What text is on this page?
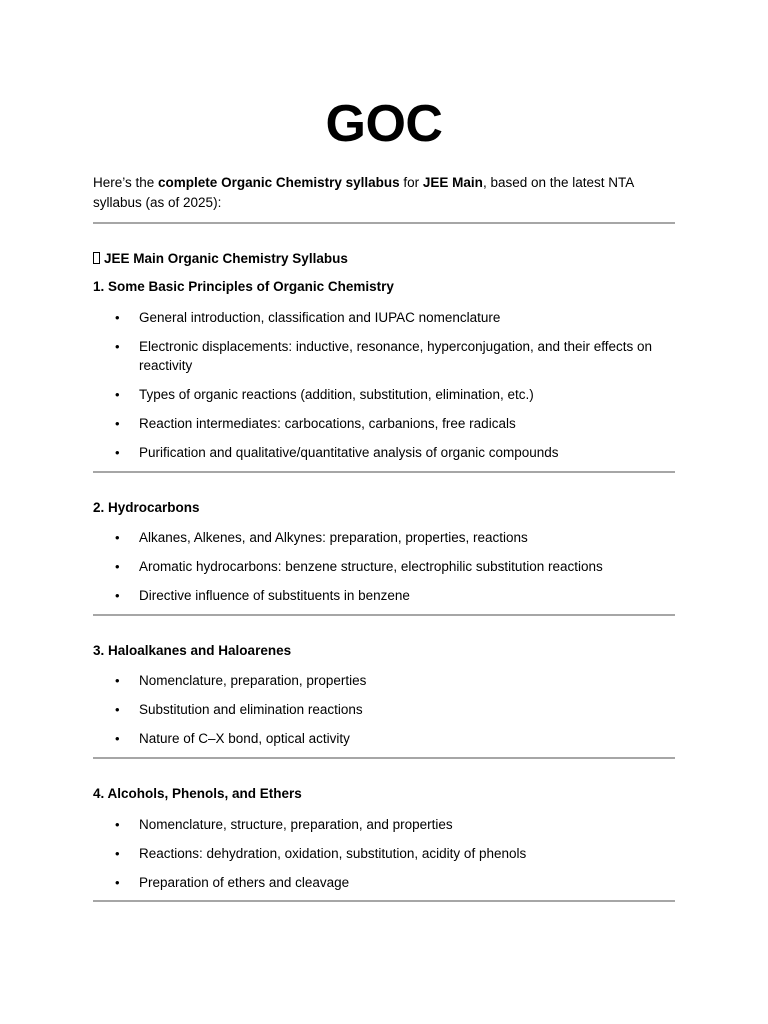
GOC
Here’s the complete Organic Chemistry syllabus for JEE Main, based on the latest NTA syllabus (as of 2025):
JEE Main Organic Chemistry Syllabus
1. Some Basic Principles of Organic Chemistry
• General introduction, classification and IUPAC nomenclature
• Electronic displacements: inductive, resonance, hyperconjugation, and their effects on reactivity
• Types of organic reactions (addition, substitution, elimination, etc.)
• Reaction intermediates: carbocations, carbanions, free radicals
• Purification and qualitative/quantitative analysis of organic compounds
2. Hydrocarbons
• Alkanes, Alkenes, and Alkynes: preparation, properties, reactions
• Aromatic hydrocarbons: benzene structure, electrophilic substitution reactions
• Directive influence of substituents in benzene
3. Haloalkanes and Haloarenes
• Nomenclature, preparation, properties
• Substitution and elimination reactions
• Nature of C–X bond, optical activity
4. Alcohols, Phenols, and Ethers
• Nomenclature, structure, preparation, and properties
• Reactions: dehydration, oxidation, substitution, acidity of phenols
• Preparation of ethers and cleavage
